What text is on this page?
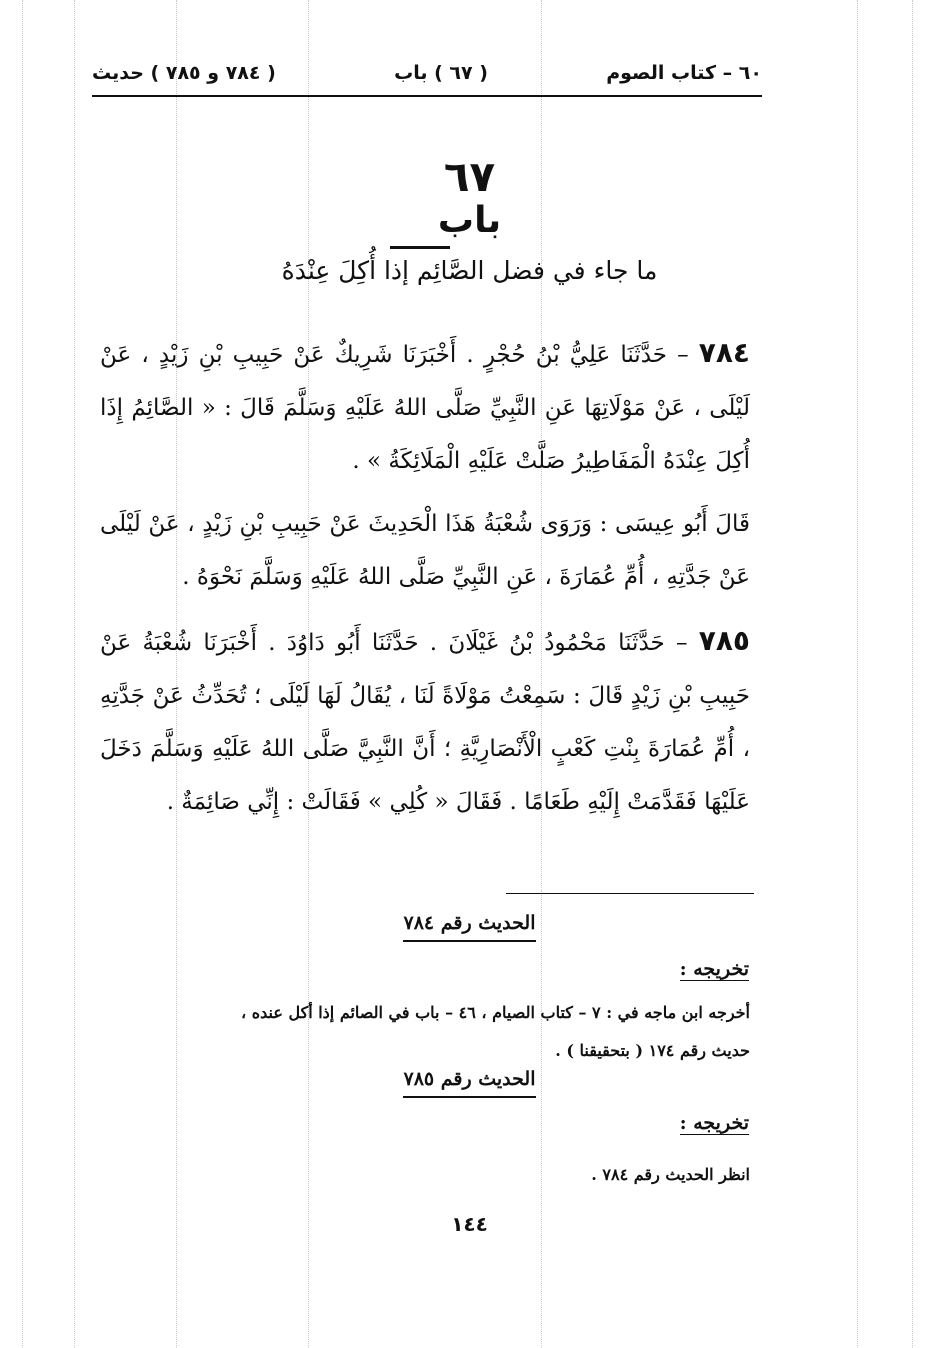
٦٠ – كتاب الصوم
( ٦٧ ) باب
( ٧٨٤ و ٧٨٥ ) حديث
٦٧
باب
ما جاء في فضل الصَّائِم إذا أُكِلَ عِنْدَهُ

٧٨٤ – حَدَّثَنَا عَلِيُّ بْنُ حُجْرٍ . أَخْبَرَنَا شَرِيكٌ عَنْ حَبِيبِ بْنِ زَيْدٍ ، عَنْ لَيْلَى ، عَنْ مَوْلَاتِهَا عَنِ النَّبِيِّ صَلَّى اللهُ عَلَيْهِ وَسَلَّمَ قَالَ : « الصَّائِمُ إِذَا أُكِلَ عِنْدَهُ الْمَفَاطِيرُ صَلَّتْ عَلَيْهِ الْمَلَائِكَةُ » .

قَالَ أَبُو عِيسَى : وَرَوَى شُعْبَةُ هَذَا الْحَدِيثَ عَنْ حَبِيبِ بْنِ زَيْدٍ ، عَنْ لَيْلَى عَنْ جَدَّتِهِ ، أُمِّ عُمَارَةَ ، عَنِ النَّبِيِّ صَلَّى اللهُ عَلَيْهِ وَسَلَّمَ نَحْوَهُ .

٧٨٥ – حَدَّثَنَا مَحْمُودُ بْنُ غَيْلَانَ . حَدَّثَنَا أَبُو دَاوُدَ . أَخْبَرَنَا شُعْبَةُ عَنْ حَبِيبِ بْنِ زَيْدٍ قَالَ : سَمِعْتُ مَوْلَاةً لَنَا ، يُقَالُ لَهَا لَيْلَى ؛ تُحَدِّثُ عَنْ جَدَّتِهِ ، أُمِّ عُمَارَةَ بِنْتِ كَعْبٍ الْأَنْصَارِيَّةِ ؛ أَنَّ النَّبِيَّ صَلَّى اللهُ عَلَيْهِ وَسَلَّمَ دَخَلَ عَلَيْهَا فَقَدَّمَتْ إِلَيْهِ طَعَامًا . فَقَالَ « كُلِي » فَقَالَتْ : إِنِّي صَائِمَةٌ .

الحديث رقم ٧٨٤
تخريجه :
أخرجه ابن ماجه في : ٧ – كتاب الصيام ، ٤٦ – باب في الصائم إذا أكل عنده ،
حديث رقم ١٧٤ ( بتحقيقنا ) .
الحديث رقم ٧٨٥
تخريجه :
انظر الحديث رقم ٧٨٤ .
١٤٤
